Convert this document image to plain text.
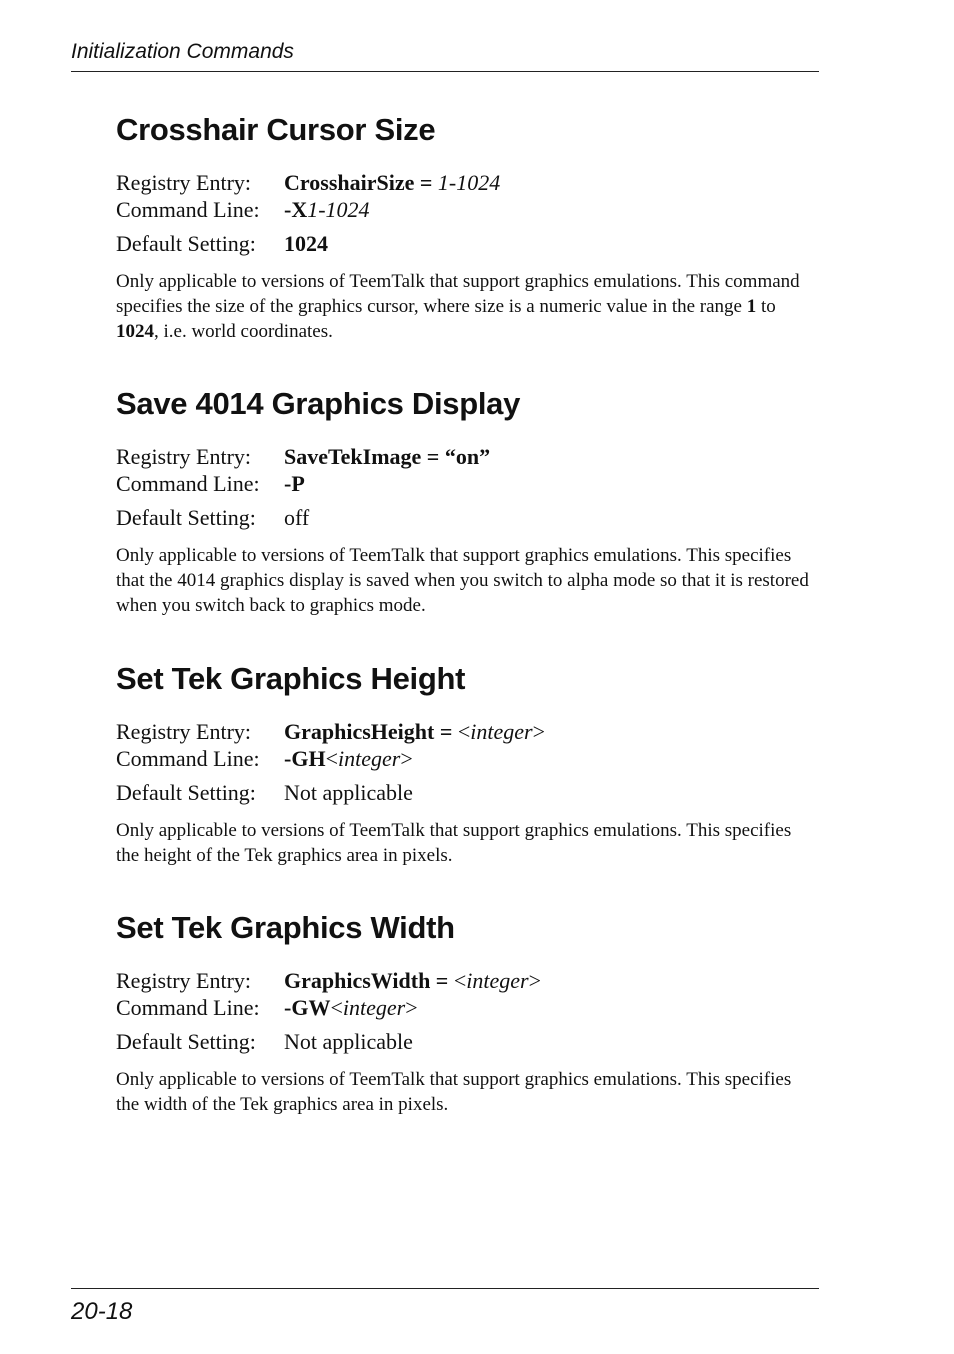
Initialization Commands
Crosshair Cursor Size
Registry Entry:	CrosshairSize = 1-1024
Command Line:	-X1-1024
Default Setting:	1024

Only applicable to versions of TeemTalk that support graphics emulations. This command specifies the size of the graphics cursor, where size is a numeric value in the range 1 to 1024, i.e. world coordinates.

Save 4014 Graphics Display
Registry Entry:	SaveTekImage = “on”
Command Line:	-P
Default Setting:	off

Only applicable to versions of TeemTalk that support graphics emulations. This specifies that the 4014 graphics display is saved when you switch to alpha mode so that it is restored when you switch back to graphics mode.

Set Tek Graphics Height
Registry Entry:	GraphicsHeight = <integer>
Command Line:	-GH<integer>
Default Setting:	Not applicable

Only applicable to versions of TeemTalk that support graphics emulations. This specifies the height of the Tek graphics area in pixels.

Set Tek Graphics Width
Registry Entry:	GraphicsWidth = <integer>
Command Line:	-GW<integer>
Default Setting:	Not applicable

Only applicable to versions of TeemTalk that support graphics emulations. This specifies the width of the Tek graphics area in pixels.

20-18
